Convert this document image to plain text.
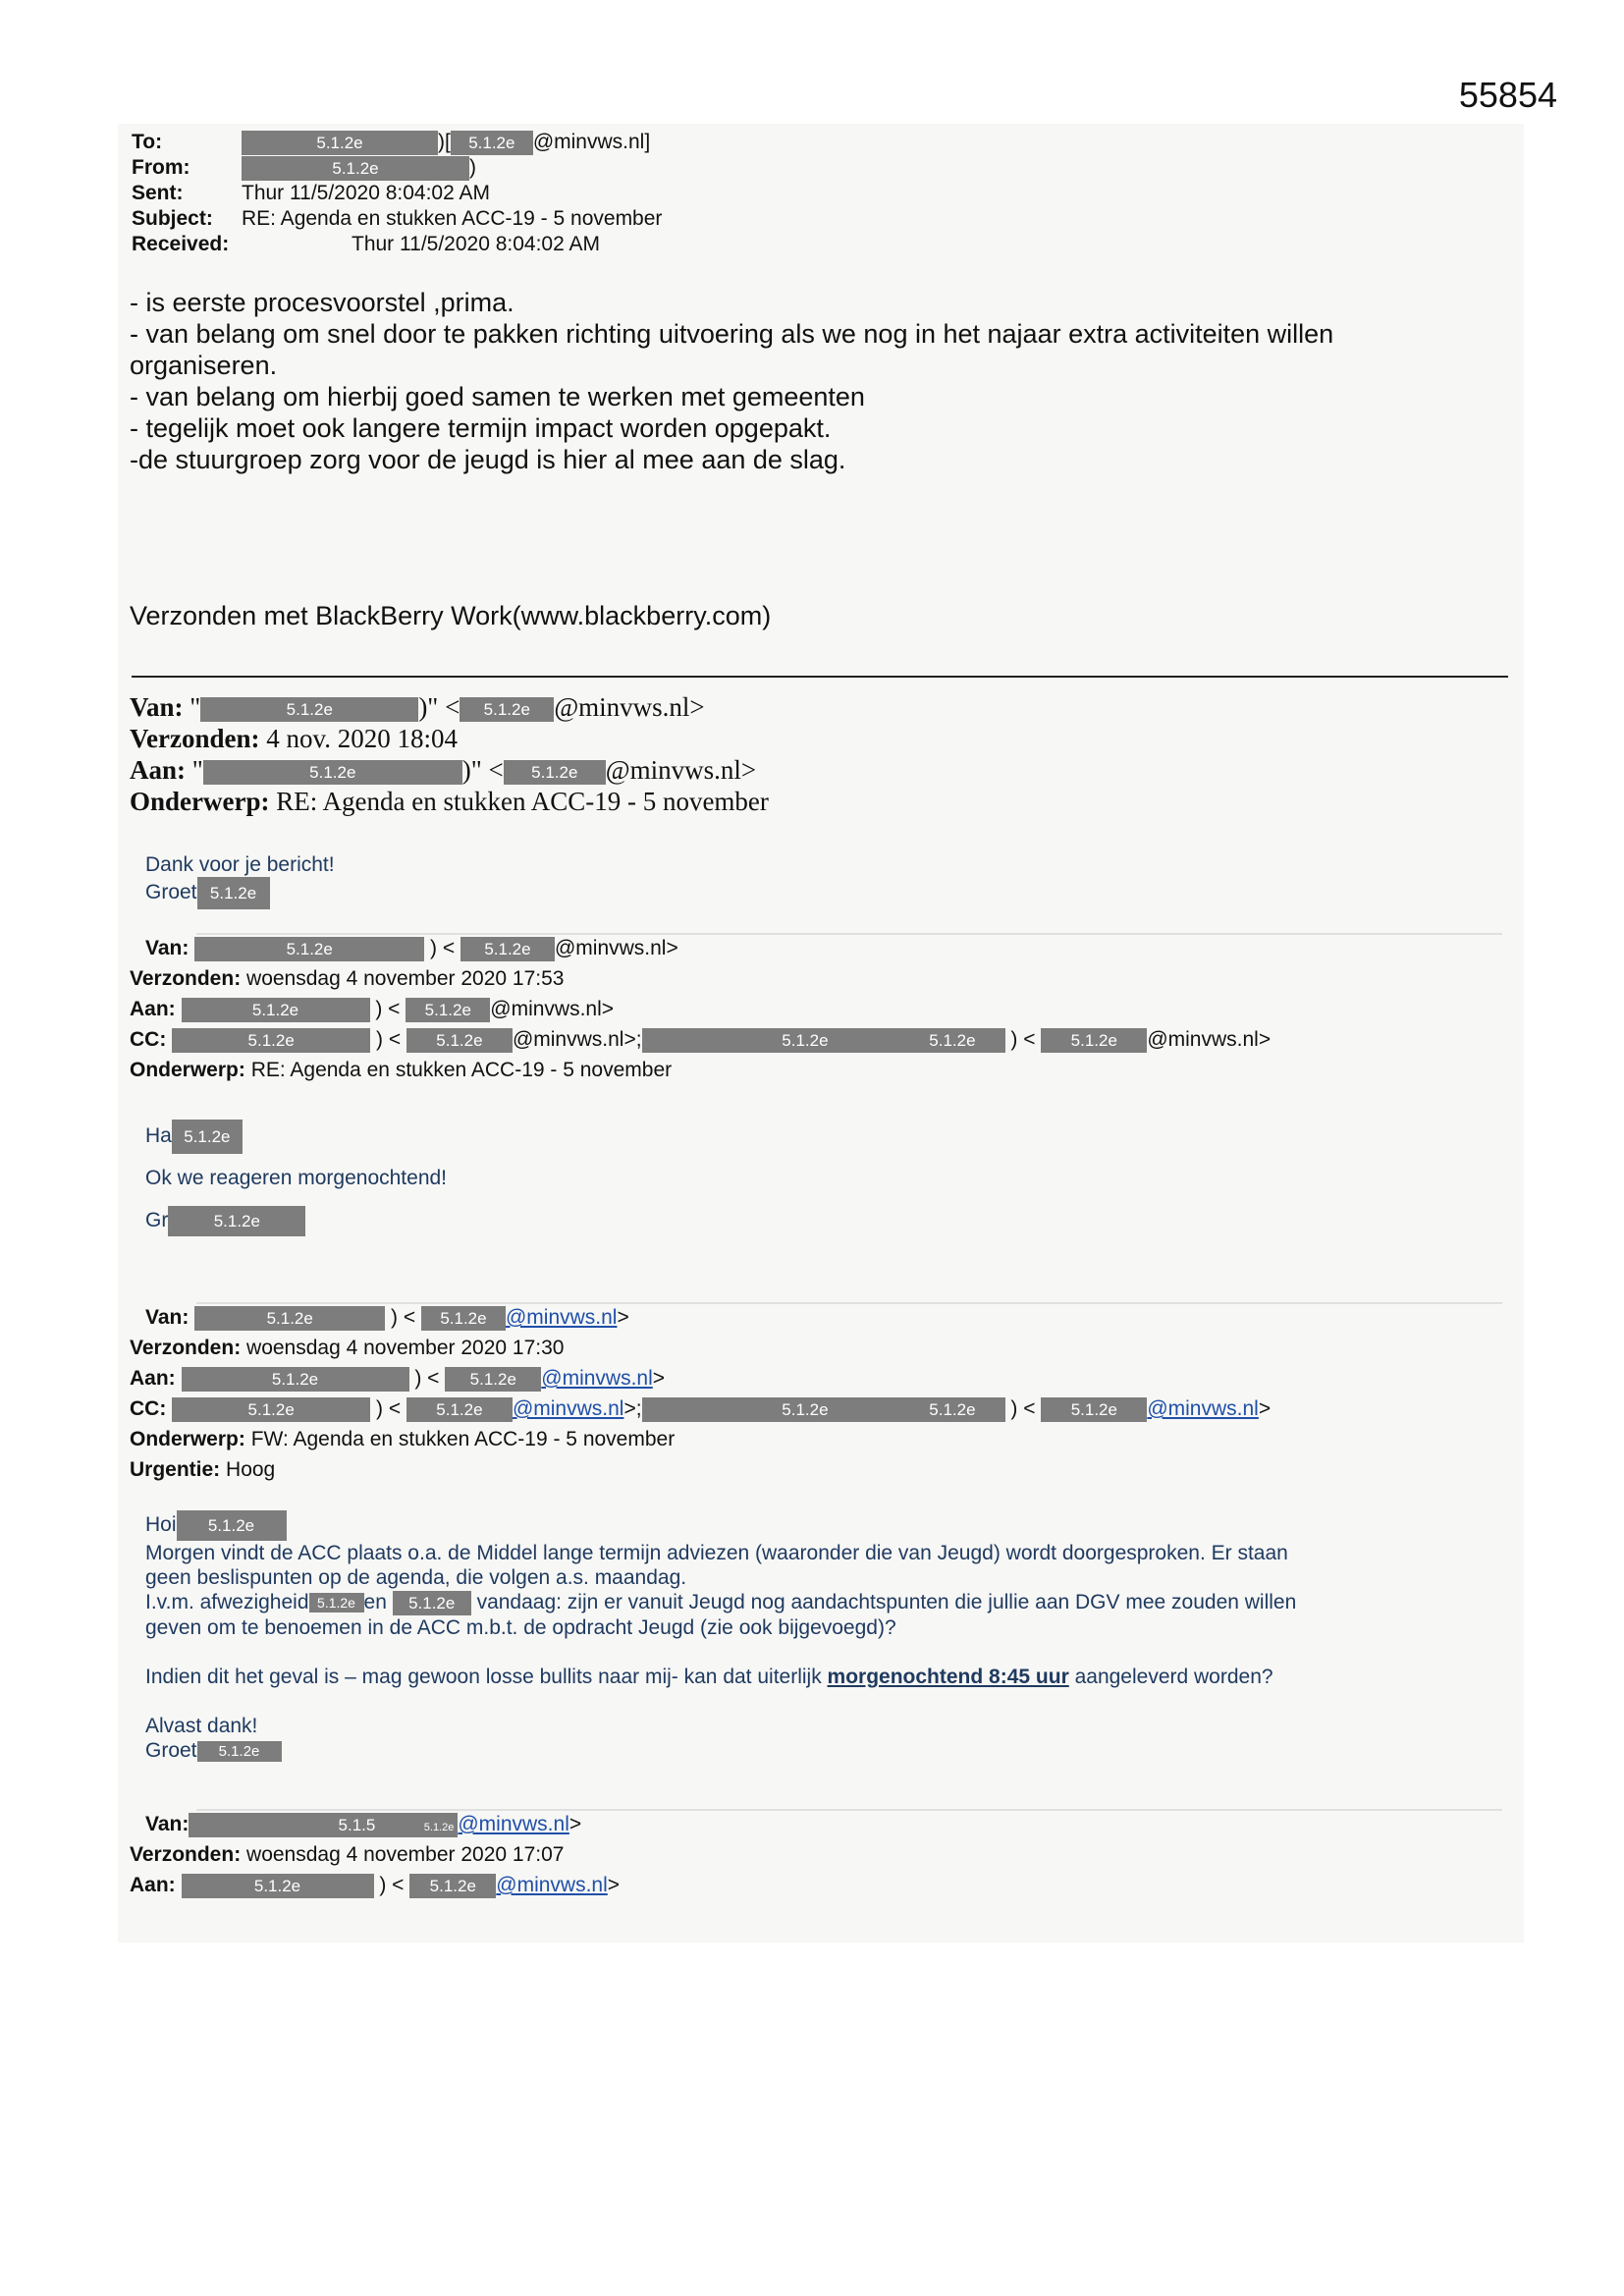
55854
To:	5.1.2e	)[ 5.1.2e @minvws.nl]
From:	5.1.2e	)
Sent:	Thur 11/5/2020 8:04:02 AM
Subject: RE: Agenda en stukken ACC-19 - 5 november
Received:	Thur 11/5/2020 8:04:02 AM
- is eerste procesvoorstel ,prima.
- van belang om snel door te pakken richting uitvoering als we nog in het najaar extra activiteiten willen
organiseren.
- van belang om hierbij goed samen te werken met gemeenten
- tegelijk moet ook langere termijn impact worden opgepakt.
-de stuurgroep zorg voor de jeugd is hier al mee aan de slag.
Verzonden met BlackBerry Work(www.blackberry.com)
Van: "	5.1.2e	)" < 5.1.2e @minvws.nl>
Verzonden: 4 nov. 2020 18:04
Aan: "	5.1.2e	)" < 5.1.2e @minvws.nl>
Onderwerp: RE: Agenda en stukken ACC-19 - 5 november
Dank voor je bericht!
Groet 5.1.2e
Van:	5.1.2e	) < 5.1.2e @minvws.nl>
Verzonden: woensdag 4 november 2020 17:53
Aan:	5.1.2e	) < 5.1.2e @minvws.nl>
CC:	5.1.2e	) < 5.1.2e @minvws.nl>;	5.1.2e	5.1.2e ) < 5.1.2e @minvws.nl>
Onderwerp: RE: Agenda en stukken ACC-19 - 5 november
Ha 5.1.2e
Ok we reageren morgenochtend!
Gr	5.1.2e
Van:	5.1.2e	) < 5.1.2e @minvws.nl>
Verzonden: woensdag 4 november 2020 17:30
Aan:	5.1.2e	) < 5.1.2e @minvws.nl>
CC:	5.1.2e	) < 5.1.2e @minvws.nl>;	5.1.2e	5.1.2e ) < 5.1.2e @minvws.nl>
Onderwerp: FW: Agenda en stukken ACC-19 - 5 november
Urgentie: Hoog
Hoi 5.1.2e
Morgen vindt de ACC plaats o.a. de Middel lange termijn adviezen (waaronder die van Jeugd) wordt doorgesproken. Er staan
geen beslispunten op de agenda, die volgen a.s. maandag.
I.v.m. afwezigheid 5.1.2e en 5.1.2e vandaag: zijn er vanuit Jeugd nog aandachtspunten die jullie aan DGV mee zouden willen
geven om te benoemen in de ACC m.b.t. de opdracht Jeugd (zie ook bijgevoegd)?
Indien dit het geval is – mag gewoon losse bullits naar mij- kan dat uiterlijk morgenochtend 8:45 uur aangeleverd worden?
Alvast dank!
Groet 5.1.2e
Van:	5.1.5	5.1.2e @minvws.nl>
Verzonden: woensdag 4 november 2020 17:07
Aan:	5.1.2e	) < 5.1.2e @minvws.nl>
